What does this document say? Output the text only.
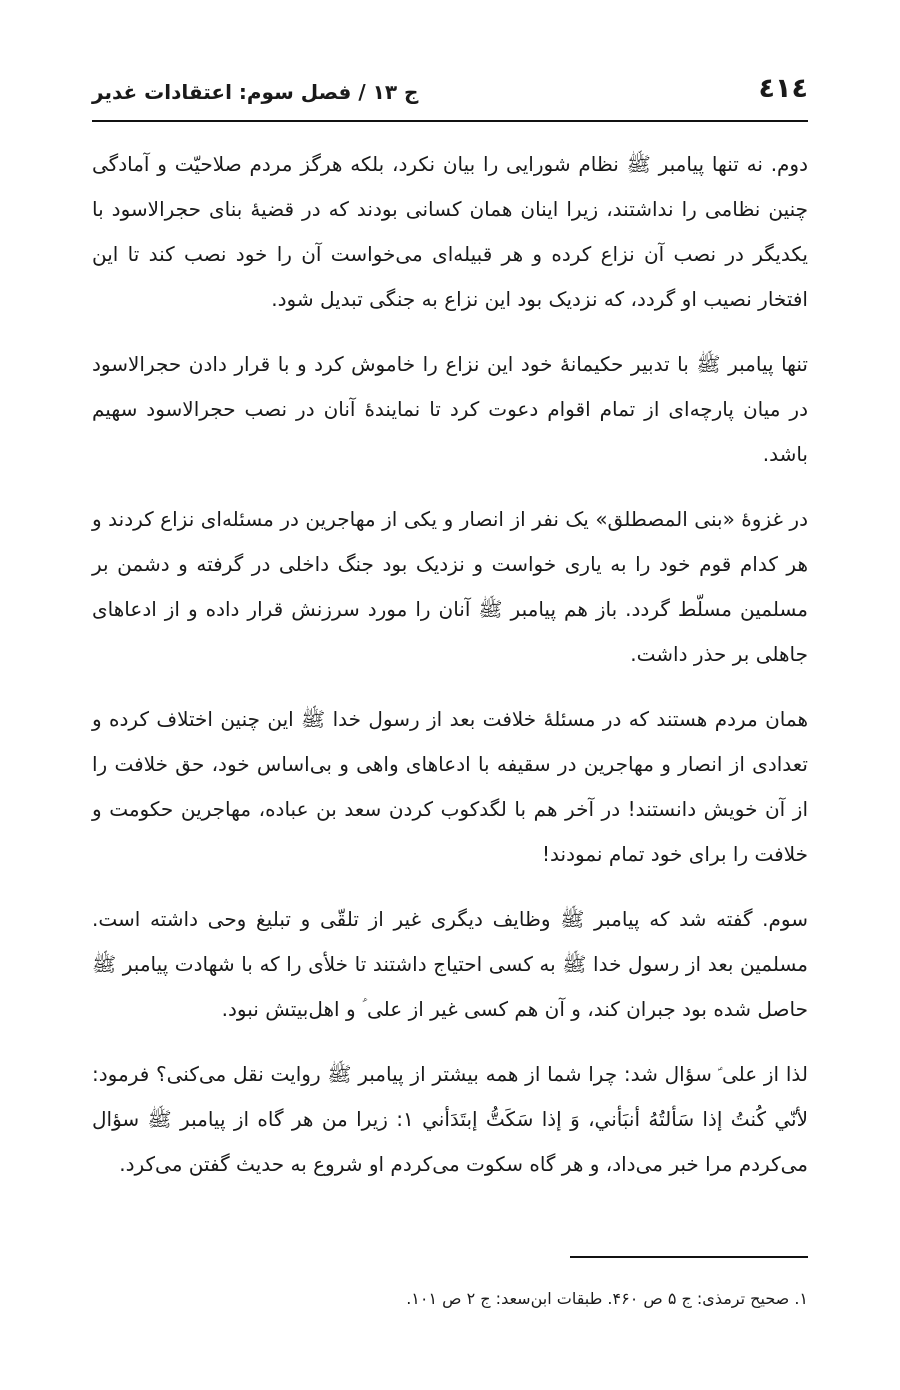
٤١٤
ج ۱۳ / فصل سوم: اعتقادات غدیر

دوم. نه تنها پیامبر ﷺ نظام شورایی را بیان نکرد، بلکه هرگز مردم صلاحیّت و آمادگی چنین نظامی را نداشتند، زیرا اینان همان کسانی بودند که در قضیهٔ بنای حجرالاسود با یکدیگر در نصب آن نزاع کرده و هر قبیله‌ای می‌خواست آن را خود نصب کند تا این افتخار نصیب او گردد، که نزدیک بود این نزاع به جنگی تبدیل شود.

تنها پیامبر ﷺ با تدبیر حکیمانهٔ خود این نزاع را خاموش کرد و با قرار دادن حجرالاسود در میان پارچه‌ای از تمام اقوام دعوت کرد تا نمایندهٔ آنان در نصب حجرالاسود سهیم باشد.

در غزوهٔ «بنی المصطلق» یک نفر از انصار و یکی از مهاجرین در مسئله‌ای نزاع کردند و هر کدام قوم خود را به یاری خواست و نزدیک بود جنگ داخلی در گرفته و دشمن بر مسلمین مسلّط گردد. باز هم پیامبر ﷺ آنان را مورد سرزنش قرار داده و از ادعاهای جاهلی بر حذر داشت.

همان مردم هستند که در مسئلهٔ خلافت بعد از رسول خدا ﷺ این چنین اختلاف کرده و تعدادی از انصار و مهاجرین در سقیفه با ادعاهای واهی و بی‌اساس خود، حق خلافت را از آن خویش دانستند! در آخر هم با لگدکوب کردن سعد بن عباده، مهاجرین حکومت و خلافت را برای خود تمام نمودند!

سوم. گفته شد که پیامبر ﷺ وظایف دیگری غیر از تلقّی و تبلیغ وحی داشته است. مسلمین بعد از رسول خدا ﷺ به کسی احتیاج داشتند تا خلأی را که با شهادت پیامبر ﷺ حاصل شده بود جبران کند، و آن هم کسی غیر از علی ؑ و اهل‌بیتش نبود.

لذا از علی ؑ سؤال شد: چرا شما از همه بیشتر از پیامبر ﷺ روایت نقل می‌کنی؟ فرمود: لأنّي كُنتُ إذا سَألتُهُ أنبَأني، وَ إذا سَكَتُّ إبتَدَأني ۱: زیرا من هر گاه از پیامبر ﷺ سؤال می‌کردم مرا خبر می‌داد، و هر گاه سکوت می‌کردم او شروع به حدیث گفتن می‌کرد.

۱. صحیح ترمذی: ج ۵ ص ۴۶۰. طبقات ابن‌سعد: ج ۲ ص ۱۰۱.
